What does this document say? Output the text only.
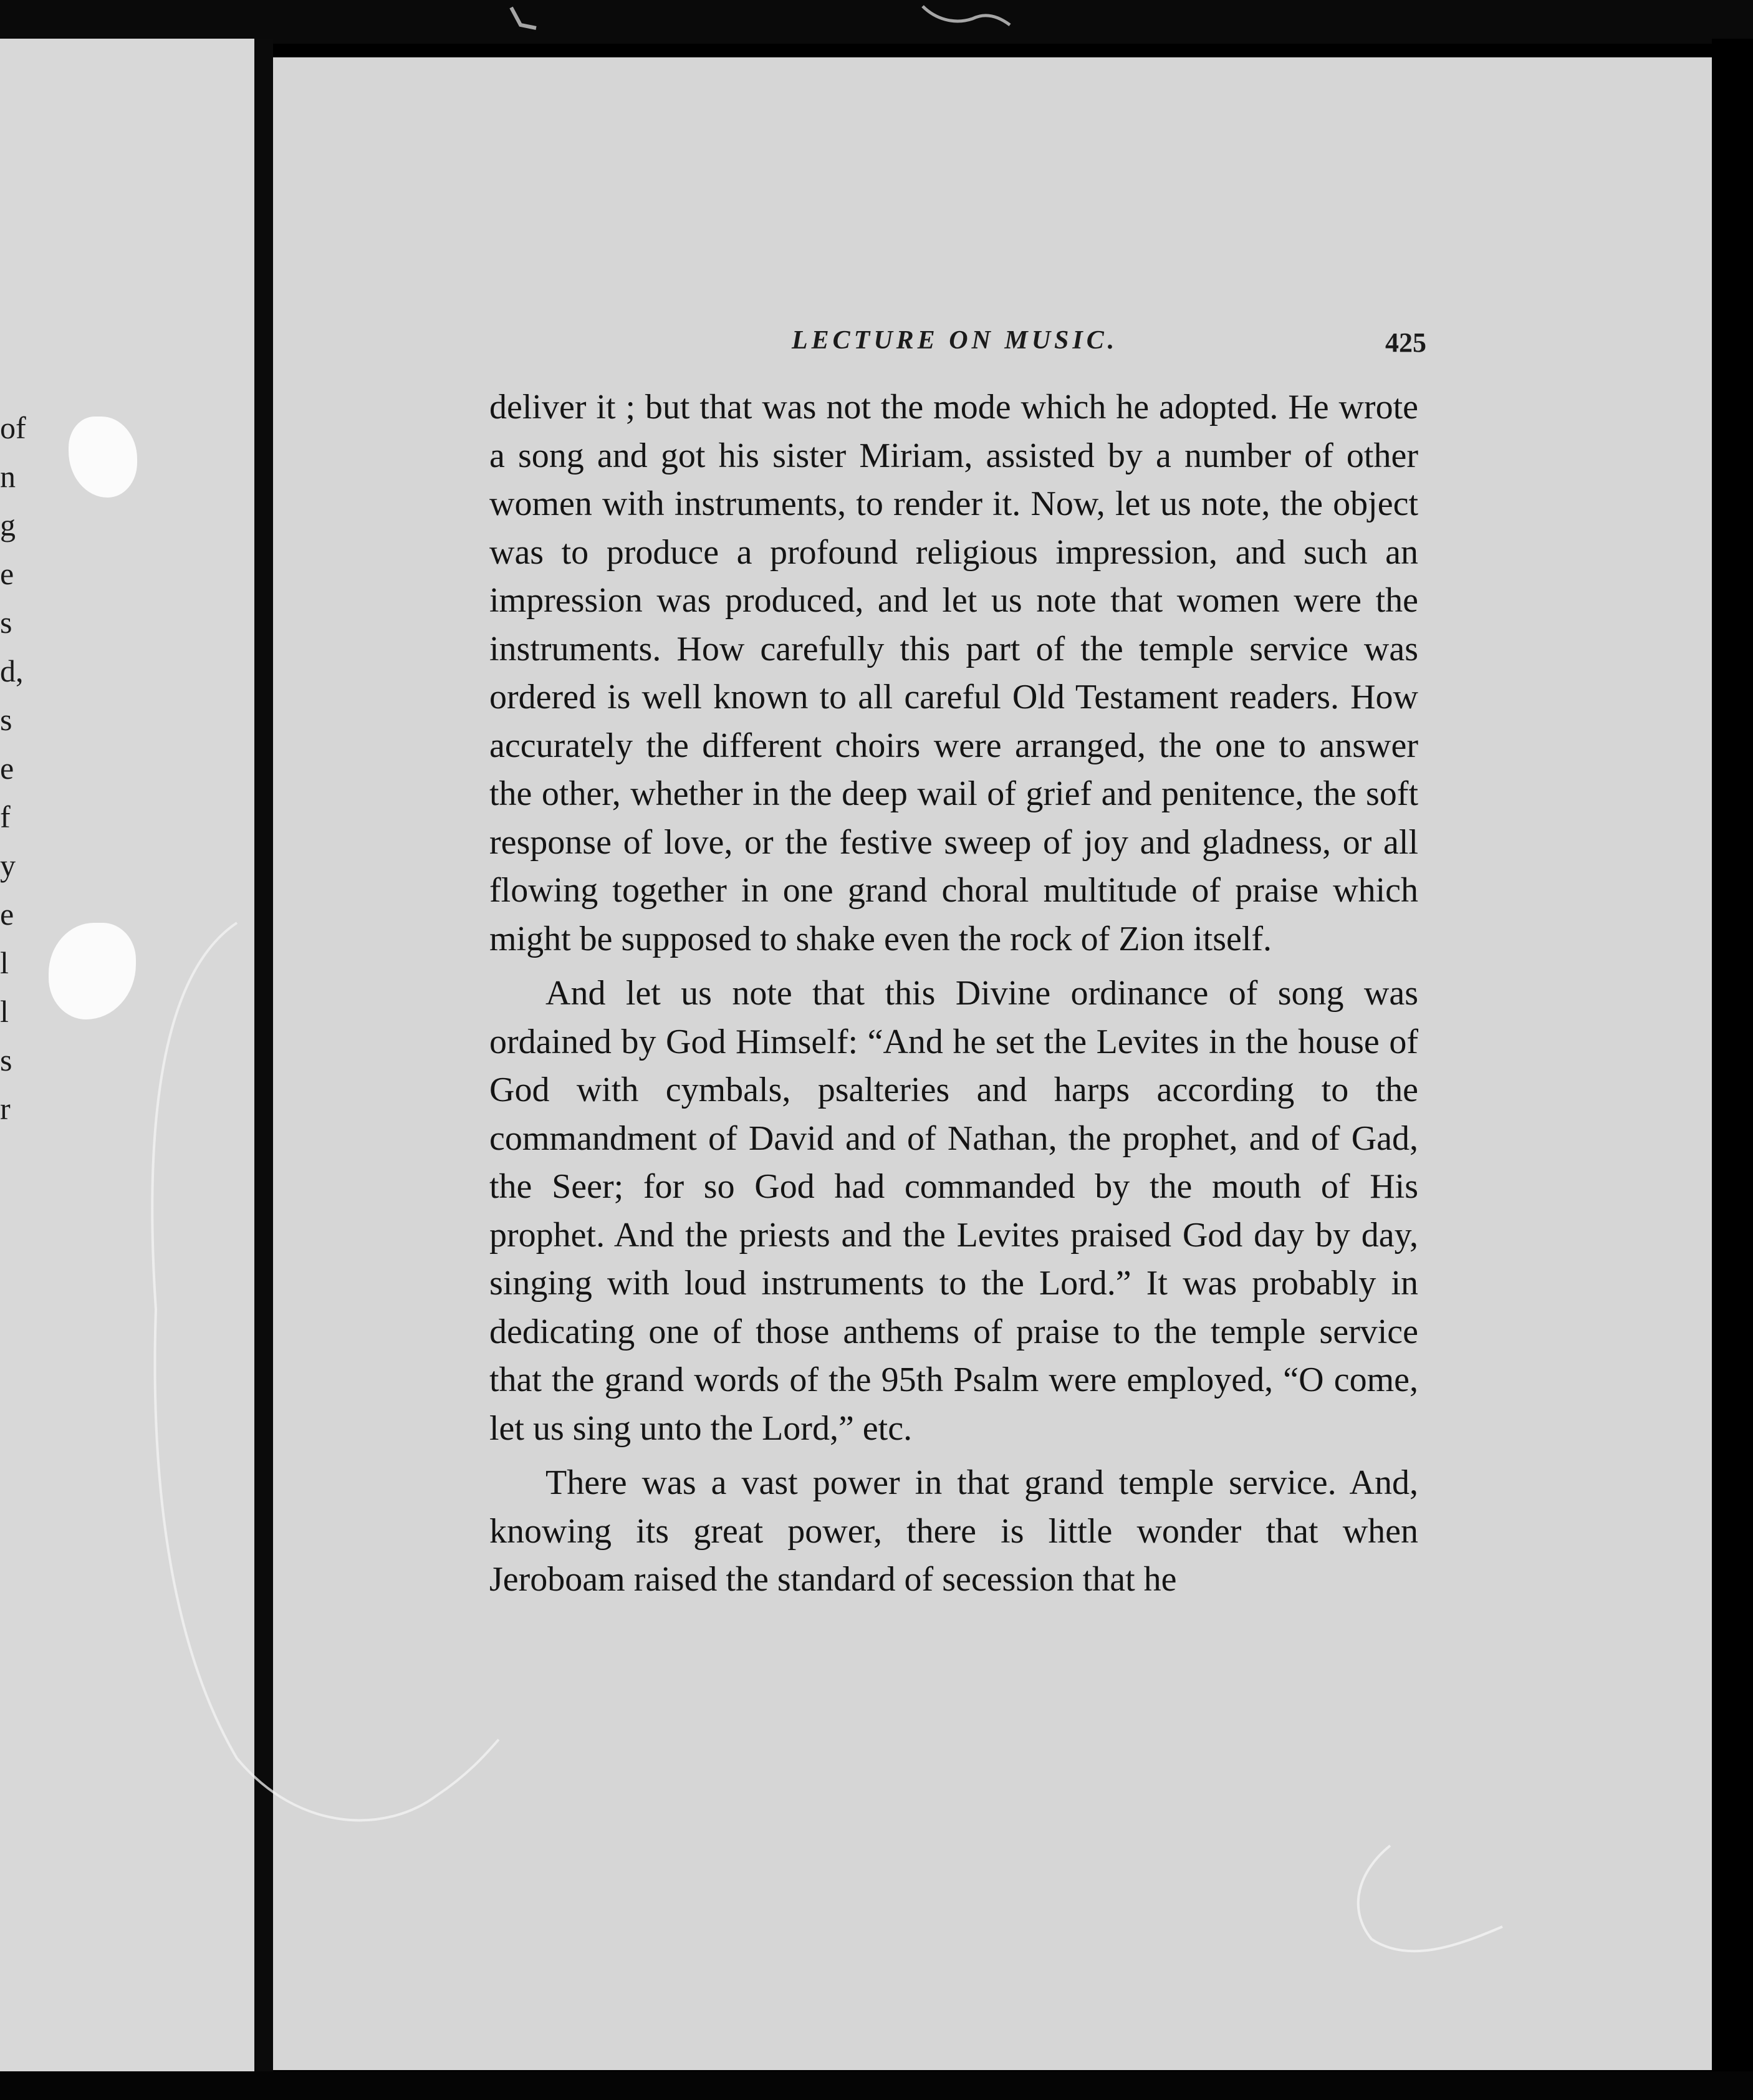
of
n
g
e
s
d,
s
e
f
y
e
l
l
s
r
LECTURE ON MUSIC.	425

deliver it ; but that was not the mode which he adopted. He wrote a song and got his sister Miriam, assisted by a number of other women with instruments, to render it. Now, let us note, the object was to produce a profound religious impression, and such an impression was produced, and let us note that women were the instruments. How carefully this part of the temple service was ordered is well known to all careful Old Testament readers. How accurately the different choirs were arranged, the one to answer the other, whether in the deep wail of grief and penitence, the soft response of love, or the festive sweep of joy and gladness, or all flowing together in one grand choral multitude of praise which might be supposed to shake even the rock of Zion itself.

And let us note that this Divine ordinance of song was ordained by God Himself: “And he set the Levites in the house of God with cymbals, psalteries and harps according to the commandment of David and of Nathan, the prophet, and of Gad, the Seer; for so God had commanded by the mouth of His prophet. And the priests and the Levites praised God day by day, singing with loud instruments to the Lord.” It was probably in dedicating one of those anthems of praise to the temple service that the grand words of the 95th Psalm were employed, “O come, let us sing unto the Lord,” etc.

There was a vast power in that grand temple service. And, knowing its great power, there is little wonder that when Jeroboam raised the standard of secession that he
